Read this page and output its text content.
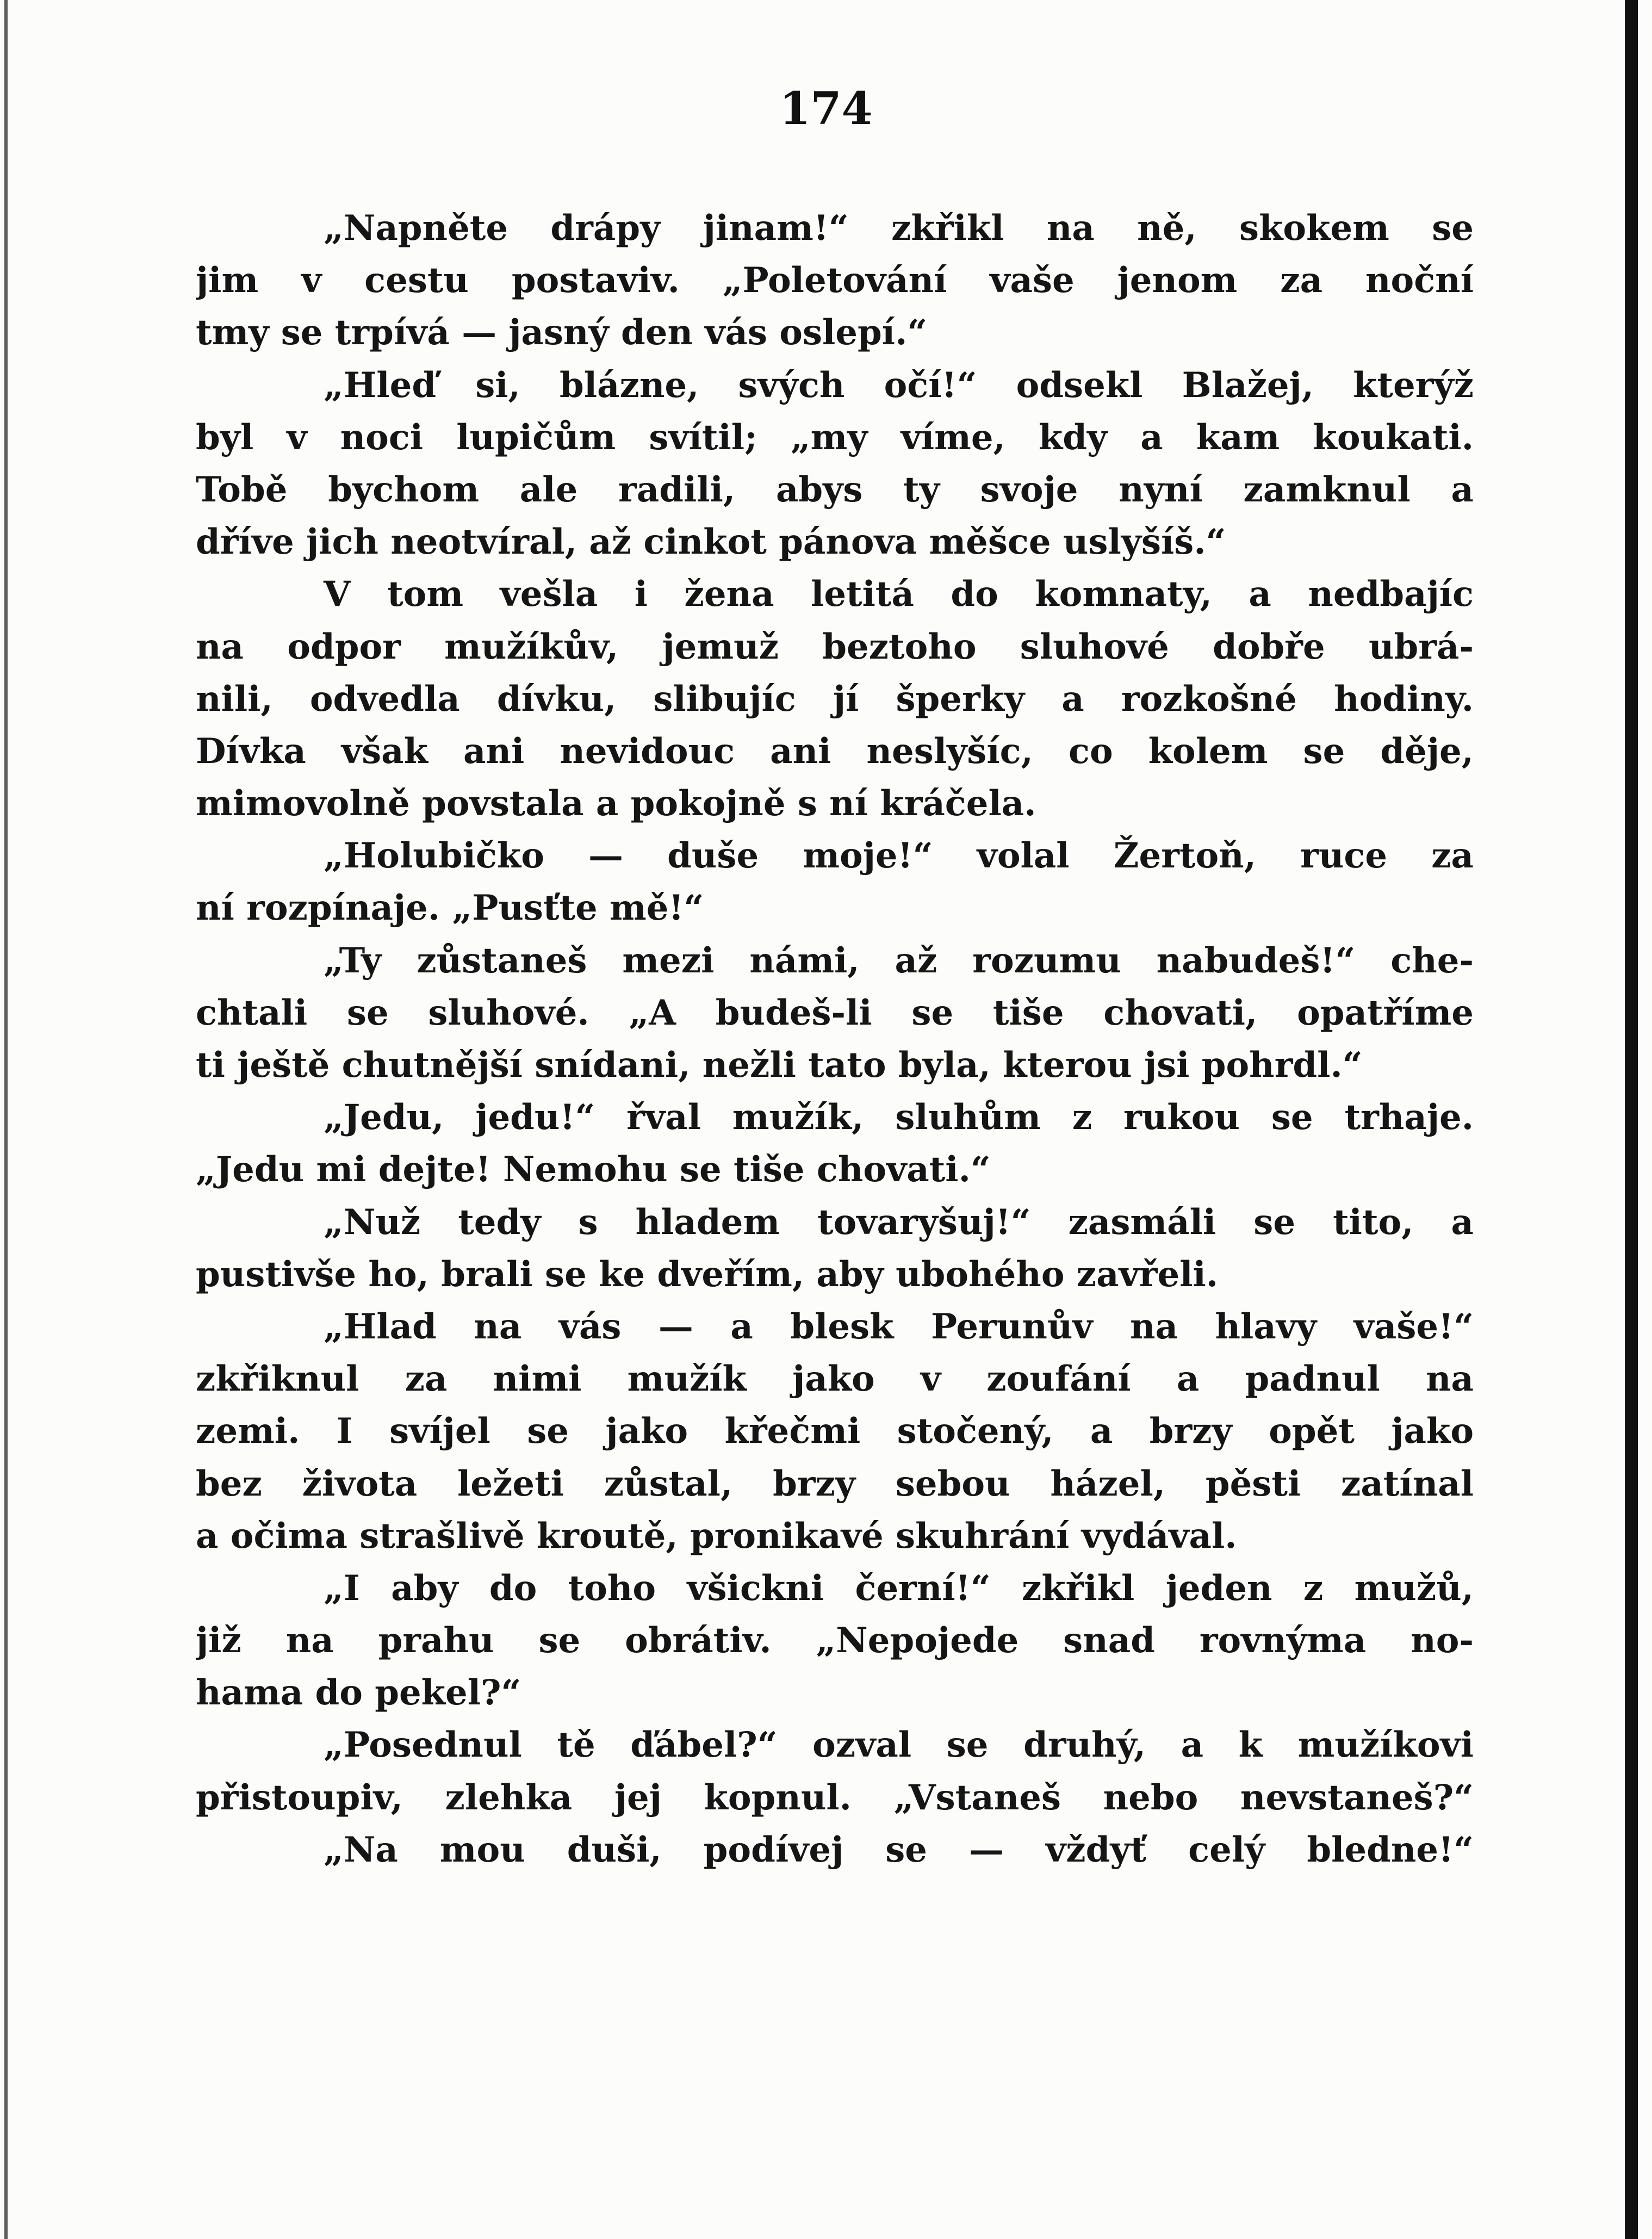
174
„Napněte drápy jinam!“ zkřikl na ně, skokem se
jim v cestu postaviv. „Poletování vaše jenom za noční
tmy se trpívá — jasný den vás oslepí.“
„Hleď si, blázne, svých očí!“ odsekl Blažej, kterýž
byl v noci lupičům svítil; „my víme, kdy a kam koukati.
Tobě bychom ale radili, abys ty svoje nyní zamknul a
dříve jich neotvíral, až cinkot pánova měšce uslyšíš.“
V tom vešla i žena letitá do komnaty, a nedbajíc
na odpor mužíkův, jemuž beztoho sluhové dobře ubrá-
nili, odvedla dívku, slibujíc jí šperky a rozkošné hodiny.
Dívka však ani nevidouc ani neslyšíc, co kolem se děje,
mimovolně povstala a pokojně s ní kráčela.
„Holubičko — duše moje!“ volal Žertoň, ruce za
ní rozpínaje. „Pusťte mě!“
„Ty zůstaneš mezi námi, až rozumu nabudeš!“ che-
chtali se sluhové. „A budeš-li se tiše chovati, opatříme
ti ještě chutnější snídani, nežli tato byla, kterou jsi pohrdl.“
„Jedu, jedu!“ řval mužík, sluhům z rukou se trhaje.
„Jedu mi dejte! Nemohu se tiše chovati.“
„Nuž tedy s hladem tovaryšuj!“ zasmáli se tito, a
pustivše ho, brali se ke dveřím, aby ubohého zavřeli.
„Hlad na vás — a blesk Perunův na hlavy vaše!“
zkřiknul za nimi mužík jako v zoufání a padnul na
zemi. I svíjel se jako křečmi stočený, a brzy opět jako
bez života ležeti zůstal, brzy sebou házel, pěsti zatínal
a očima strašlivě kroutě, pronikavé skuhrání vydával.
„I aby do toho všickni černí!“ zkřikl jeden z mužů,
již na prahu se obrátiv. „Nepojede snad rovnýma no-
hama do pekel?“
„Posednul tě ďábel?“ ozval se druhý, a k mužíkovi
přistoupiv, zlehka jej kopnul. „Vstaneš nebo nevstaneš?“
„Na mou duši, podívej se — vždyť celý bledne!“
